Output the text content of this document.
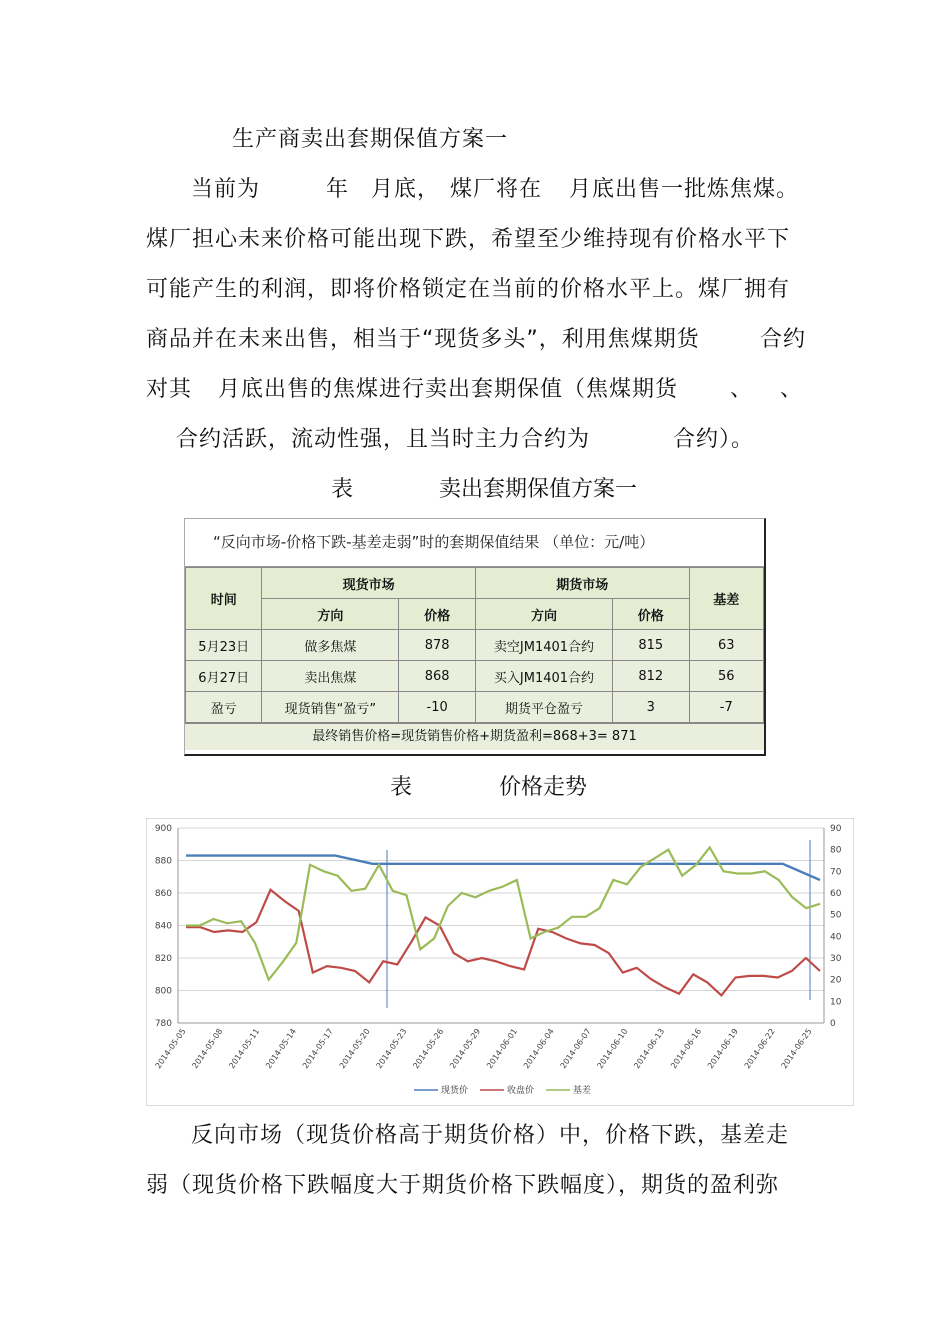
生产商卖出套期保值方案一
当前为	年 月底， 煤厂将在 月底出售一批炼焦煤。
煤厂担心未来价格可能出现下跌，希望至少维持现有价格水平下
可能产生的利润，即将价格锁定在当前的价格水平上。煤厂拥有
商品并在未来出售，相当于“现货多头”，利用焦煤期货	合约
对其 月底出售的焦煤进行卖出套期保值（焦煤期货 、 、
合约活跃，流动性强，且当时主力合约为	合约）。
表	卖出套期保值方案一
“反向市场-价格下跌-基差走弱”时的套期保值结果 （单位：元/吨）
时间	现货市场		期货市场		基差
	方向	价格	方向	价格	
5月23日	做多焦煤	878	卖空JM1401合约	815	63
6月27日	卖出焦煤	868	买入JM1401合约	812	56
盈亏	现货销售“盈亏”	-10	期货平仓盈亏	3	-7
最终销售价格=现货销售价格+期货盈利=868+3= 871
表	价格走势
900
880
860
840
820
800
780
90
80
70
60
50
40
30
20
10
0
2014-05-05 2014-05-08 2014-05-11 2014-05-14 2014-05-17 2014-05-20 2014-05-23 2014-05-26 2014-05-29 2014-06-01 2014-06-04 2014-06-07 2014-06-10 2014-06-13 2014-06-16 2014-06-19 2014-06-22 2014-06-25
现货价	收盘价	基差
反向市场（现货价格高于期货价格）中，价格下跌，基差走
弱（现货价格下跌幅度大于期货价格下跌幅度），期货的盈利弥
